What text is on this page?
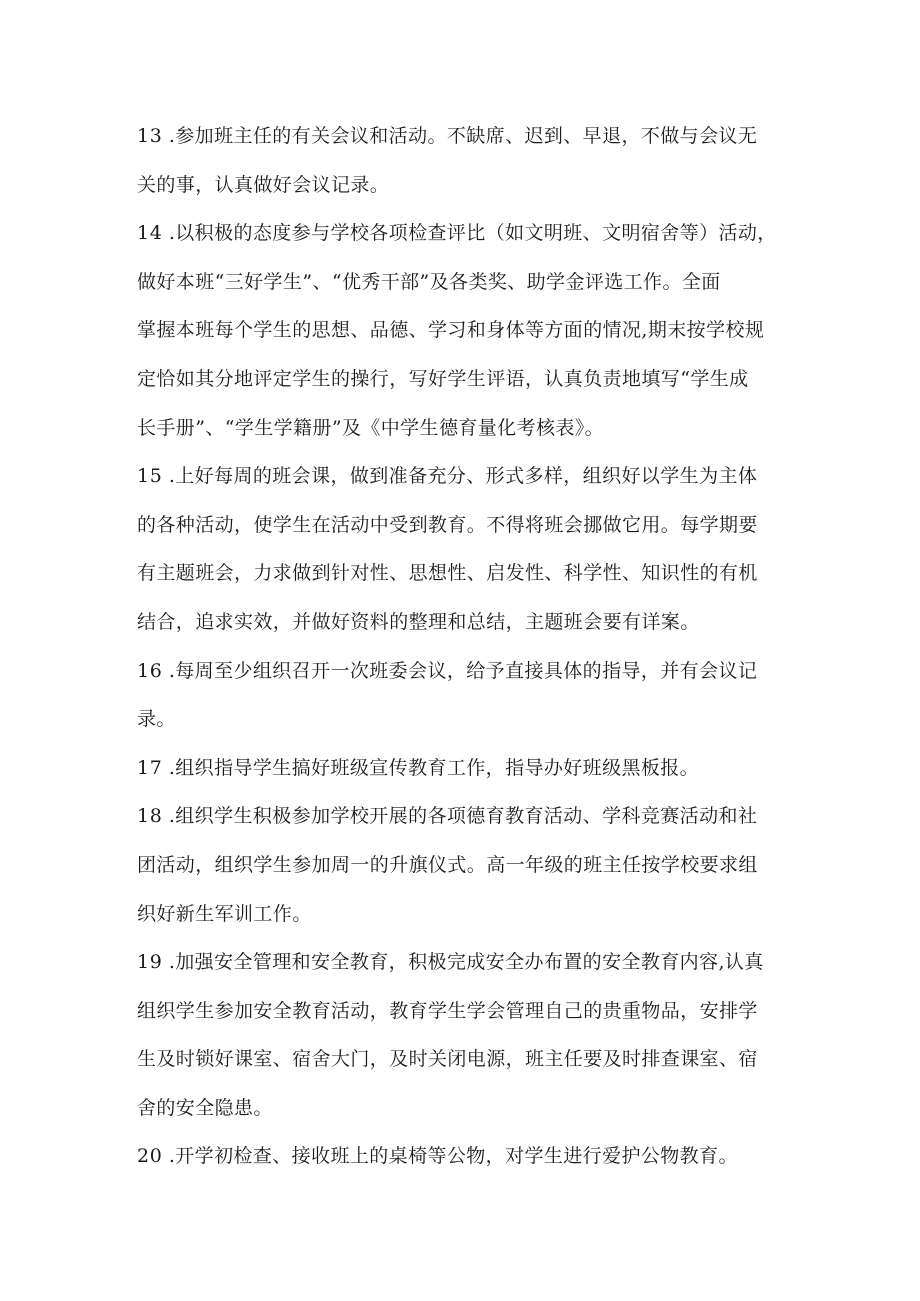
13 .参加班主任的有关会议和活动。不缺席、迟到、早退，不做与会议无
关的事，认真做好会议记录。
14 .以积极的态度参与学校各项检查评比（如文明班、文明宿舍等）活动，
做好本班“三好学生”、“优秀干部”及各类奖、助学金评选工作。全面
掌握本班每个学生的思想、品德、学习和身体等方面的情况,期末按学校规
定恰如其分地评定学生的操行，写好学生评语，认真负责地填写“学生成
长手册”、“学生学籍册”及《中学生德育量化考核表》。
15 .上好每周的班会课，做到准备充分、形式多样，组织好以学生为主体
的各种活动，使学生在活动中受到教育。不得将班会挪做它用。每学期要
有主题班会，力求做到针对性、思想性、启发性、科学性、知识性的有机
结合，追求实效，并做好资料的整理和总结，主题班会要有详案。
16 .每周至少组织召开一次班委会议，给予直接具体的指导，并有会议记
录。
17 .组织指导学生搞好班级宣传教育工作，指导办好班级黑板报。
18 .组织学生积极参加学校开展的各项德育教育活动、学科竞赛活动和社
团活动，组织学生参加周一的升旗仪式。高一年级的班主任按学校要求组
织好新生军训工作。
19 .加强安全管理和安全教育，积极完成安全办布置的安全教育内容,认真
组织学生参加安全教育活动，教育学生学会管理自己的贵重物品，安排学
生及时锁好课室、宿舍大门，及时关闭电源，班主任要及时排查课室、宿
舍的安全隐患。
20 .开学初检查、接收班上的桌椅等公物，对学生进行爱护公物教育。
